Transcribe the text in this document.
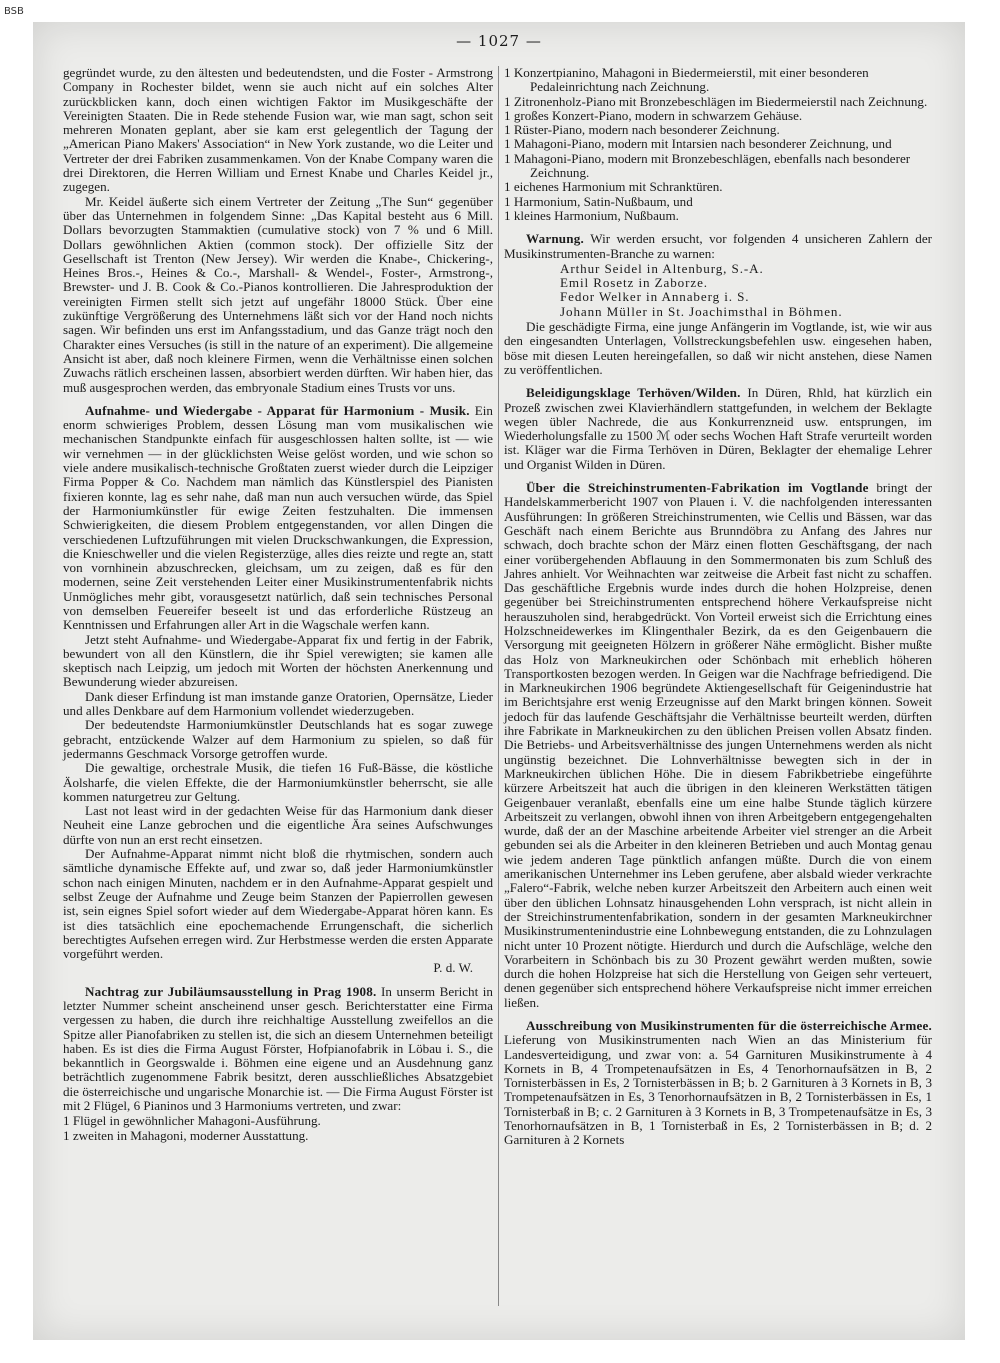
BSB
— 1027 —

gegründet wurde, zu den ältesten und bedeutendsten, und die Foster - Armstrong Company in Rochester bildet, wenn sie auch nicht auf ein solches Alter zurückblicken kann, doch einen wichtigen Faktor im Musikgeschäfte der Vereinigten Staaten. Die in Rede stehende Fusion war, wie man sagt, schon seit mehreren Monaten geplant, aber sie kam erst gelegentlich der Tagung der „American Piano Makers' Association“ in New York zustande, wo die Leiter und Vertreter der drei Fabriken zusammenkamen. Von der Knabe Company waren die drei Direktoren, die Herren William und Ernest Knabe und Charles Keidel jr., zugegen.

Mr. Keidel äußerte sich einem Vertreter der Zeitung „The Sun“ gegenüber über das Unternehmen in folgendem Sinne: „Das Kapital besteht aus 6 Mill. Dollars bevorzugten Stammaktien (cumulative stock) von 7 % und 6 Mill. Dollars gewöhnlichen Aktien (common stock). Der offizielle Sitz der Gesellschaft ist Trenton (New Jersey). Wir werden die Knabe-, Chickering-, Heines Bros.-, Heines & Co.-, Marshall- & Wendel-, Foster-, Armstrong-, Brewster- und J. B. Cook & Co.-Pianos kontrollieren. Die Jahresproduktion der vereinigten Firmen stellt sich jetzt auf ungefähr 18000 Stück. Über eine zukünftige Vergrößerung des Unternehmens läßt sich vor der Hand noch nichts sagen. Wir befinden uns erst im Anfangsstadium, und das Ganze trägt noch den Charakter eines Versuches (is still in the nature of an experiment). Die allgemeine Ansicht ist aber, daß noch kleinere Firmen, wenn die Verhältnisse einen solchen Zuwachs rätlich erscheinen lassen, absorbiert werden dürften. Wir haben hier, das muß ausgesprochen werden, das embryonale Stadium eines Trusts vor uns.

Aufnahme- und Wiedergabe - Apparat für Harmonium - Musik. Ein enorm schwieriges Problem, dessen Lösung man vom musikalischen wie mechanischen Standpunkte einfach für ausgeschlossen halten sollte, ist — wie wir vernehmen — in der glücklichsten Weise gelöst worden, und wie schon so viele andere musikalisch-technische Großtaten zuerst wieder durch die Leipziger Firma Popper & Co. Nachdem man nämlich das Künstlerspiel des Pianisten fixieren konnte, lag es sehr nahe, daß man nun auch versuchen würde, das Spiel der Harmoniumkünstler für ewige Zeiten festzuhalten. Die immensen Schwierigkeiten, die diesem Problem entgegenstanden, vor allen Dingen die verschiedenen Luftzuführungen mit vielen Druckschwankungen, die Expression, die Knieschweller und die vielen Registerzüge, alles dies reizte und regte an, statt von vornhinein abzuschrecken, gleichsam, um zu zeigen, daß es für den modernen, seine Zeit verstehenden Leiter einer Musikinstrumentenfabrik nichts Unmögliches mehr gibt, vorausgesetzt natürlich, daß sein technisches Personal von demselben Feuereifer beseelt ist und das erforderliche Rüstzeug an Kenntnissen und Erfahrungen aller Art in die Wagschale werfen kann.

Jetzt steht Aufnahme- und Wiedergabe-Apparat fix und fertig in der Fabrik, bewundert von all den Künstlern, die ihr Spiel verewigten; sie kamen alle skeptisch nach Leipzig, um jedoch mit Worten der höchsten Anerkennung und Bewunderung wieder abzureisen.

Dank dieser Erfindung ist man imstande ganze Oratorien, Opernsätze, Lieder und alles Denkbare auf dem Harmonium vollendet wiederzugeben.

Der bedeutendste Harmoniumkünstler Deutschlands hat es sogar zuwege gebracht, entzückende Walzer auf dem Harmonium zu spielen, so daß für jedermanns Geschmack Vorsorge getroffen wurde.

Die gewaltige, orchestrale Musik, die tiefen 16 Fuß-Bässe, die köstliche Äolsharfe, die vielen Effekte, die der Harmoniumkünstler beherrscht, sie alle kommen naturgetreu zur Geltung.

Last not least wird in der gedachten Weise für das Harmonium dank dieser Neuheit eine Lanze gebrochen und die eigentliche Ära seines Aufschwunges dürfte von nun an erst recht einsetzen.

Der Aufnahme-Apparat nimmt nicht bloß die rhytmischen, sondern auch sämtliche dynamische Effekte auf, und zwar so, daß jeder Harmoniumkünstler schon nach einigen Minuten, nachdem er in den Aufnahme-Apparat gespielt und selbst Zeuge der Aufnahme und Zeuge beim Stanzen der Papierrollen gewesen ist, sein eignes Spiel sofort wieder auf dem Wiedergabe-Apparat hören kann. Es ist dies tatsächlich eine epochemachende Errungenschaft, die sicherlich berechtigtes Aufsehen erregen wird. Zur Herbstmesse werden die ersten Apparate vorgeführt werden.

P. d. W.

Nachtrag zur Jubiläumsausstellung in Prag 1908. In unserm Bericht in letzter Nummer scheint anscheinend unser gesch. Berichterstatter eine Firma vergessen zu haben, die durch ihre reichhaltige Ausstellung zweifellos an die Spitze aller Pianofabriken zu stellen ist, die sich an diesem Unternehmen beteiligt haben. Es ist dies die Firma August Förster, Hofpianofabrik in Löbau i. S., die bekanntlich in Georgswalde i. Böhmen eine eigene und an Ausdehnung ganz beträchtlich zugenommene Fabrik besitzt, deren ausschließliches Absatzgebiet die österreichische und ungarische Monarchie ist. — Die Firma August Förster ist mit 2 Flügel, 6 Pianinos und 3 Harmoniums vertreten, und zwar:

1 Flügel in gewöhnlicher Mahagoni-Ausführung.
1 zweiten in Mahagoni, moderner Ausstattung.
1 Konzertpianino, Mahagoni in Biedermeierstil, mit einer besonderen Pedaleinrichtung nach Zeichnung.
1 Zitronenholz-Piano mit Bronzebeschlägen im Biedermeierstil nach Zeichnung.
1 großes Konzert-Piano, modern in schwarzem Gehäuse.
1 Rüster-Piano, modern nach besonderer Zeichnung.
1 Mahagoni-Piano, modern mit Intarsien nach besonderer Zeichnung, und
1 Mahagoni-Piano, modern mit Bronzebeschlägen, ebenfalls nach besonderer Zeichnung.
1 eichenes Harmonium mit Schranktüren.
1 Harmonium, Satin-Nußbaum, und
1 kleines Harmonium, Nußbaum.

Warnung. Wir werden ersucht, vor folgenden 4 unsicheren Zahlern der Musikinstrumenten-Branche zu warnen:

Arthur Seidel in Altenburg, S.-A.
Emil Rosetz in Zaborze.
Fedor Welker in Annaberg i. S.
Johann Müller in St. Joachimsthal in Böhmen.

Die geschädigte Firma, eine junge Anfängerin im Vogtlande, ist, wie wir aus den eingesandten Unterlagen, Vollstreckungsbefehlen usw. eingesehen haben, böse mit diesen Leuten hereingefallen, so daß wir nicht anstehen, diese Namen zu veröffentlichen.

Beleidigungsklage Terhöven/Wilden. In Düren, Rhld, hat kürzlich ein Prozeß zwischen zwei Klavierhändlern stattgefunden, in welchem der Beklagte wegen übler Nachrede, die aus Konkurrenzneid usw. entsprungen, im Wiederholungsfalle zu 1500 ℳ oder sechs Wochen Haft Strafe verurteilt worden ist. Kläger war die Firma Terhöven in Düren, Beklagter der ehemalige Lehrer und Organist Wilden in Düren.

Über die Streichinstrumenten-Fabrikation im Vogtlande bringt der Handelskammerbericht 1907 von Plauen i. V. die nachfolgenden interessanten Ausführungen: In größeren Streichinstrumenten, wie Cellis und Bässen, war das Geschäft nach einem Berichte aus Brunndöbra zu Anfang des Jahres nur schwach, doch brachte schon der März einen flotten Geschäftsgang, der nach einer vorübergehenden Abflauung in den Sommermonaten bis zum Schluß des Jahres anhielt. Vor Weihnachten war zeitweise die Arbeit fast nicht zu schaffen. Das geschäftliche Ergebnis wurde indes durch die hohen Holzpreise, denen gegenüber bei Streichinstrumenten entsprechend höhere Verkaufspreise nicht herauszuholen sind, herabgedrückt. Von Vorteil erweist sich die Errichtung eines Holzschneidewerkes im Klingenthaler Bezirk, da es den Geigenbauern die Versorgung mit geeigneten Hölzern in größerer Nähe ermöglicht. Bisher mußte das Holz von Markneukirchen oder Schönbach mit erheblich höheren Transportkosten bezogen werden. In Geigen war die Nachfrage befriedigend. Die in Markneukirchen 1906 begründete Aktiengesellschaft für Geigenindustrie hat im Berichtsjahre erst wenig Erzeugnisse auf den Markt bringen können. Soweit jedoch für das laufende Geschäftsjahr die Verhältnisse beurteilt werden, dürften ihre Fabrikate in Markneukirchen zu den üblichen Preisen vollen Absatz finden. Die Betriebs- und Arbeitsverhältnisse des jungen Unternehmens werden als nicht ungünstig bezeichnet. Die Lohnverhältnisse bewegten sich in der in Markneukirchen üblichen Höhe. Die in diesem Fabrikbetriebe eingeführte kürzere Arbeitszeit hat auch die übrigen in den kleineren Werkstätten tätigen Geigenbauer veranlaßt, ebenfalls eine um eine halbe Stunde täglich kürzere Arbeitszeit zu verlangen, obwohl ihnen von ihren Arbeitgebern entgegengehalten wurde, daß der an der Maschine arbeitende Arbeiter viel strenger an die Arbeit gebunden sei als die Arbeiter in den kleineren Betrieben und auch Montag genau wie jedem anderen Tage pünktlich anfangen müßte. Durch die von einem amerikanischen Unternehmer ins Leben gerufene, aber alsbald wieder verkrachte „Falero“-Fabrik, welche neben kurzer Arbeitszeit den Arbeitern auch einen weit über den üblichen Lohnsatz hinausgehenden Lohn versprach, ist nicht allein in der Streichinstrumentenfabrikation, sondern in der gesamten Markneukirchner Musikinstrumentenindustrie eine Lohnbewegung entstanden, die zu Lohnzulagen nicht unter 10 Prozent nötigte. Hierdurch und durch die Aufschläge, welche den Vorarbeitern in Schönbach bis zu 30 Prozent gewährt werden mußten, sowie durch die hohen Holzpreise hat sich die Herstellung von Geigen sehr verteuert, denen gegenüber sich entsprechend höhere Verkaufspreise nicht immer erreichen ließen.

Ausschreibung von Musikinstrumenten für die österreichische Armee. Lieferung von Musikinstrumenten nach Wien an das Ministerium für Landesverteidigung, und zwar von: a. 54 Garnituren Musikinstrumente à 4 Kornets in B, 4 Trompetenaufsätzen in Es, 4 Tenorhornaufsätzen in B, 2 Tornisterbässen in Es, 2 Tornisterbässen in B; b. 2 Garnituren à 3 Kornets in B, 3 Trompetenaufsätzen in Es, 3 Tenorhornaufsätzen in B, 2 Tornisterbässen in Es, 1 Tornisterbaß in B; c. 2 Garnituren à 3 Kornets in B, 3 Trompetenaufsätze in Es, 3 Tenorhornaufsätzen in B, 1 Tornisterbaß in Es, 2 Tornisterbässen in B; d. 2 Garnituren à 2 Kornets
